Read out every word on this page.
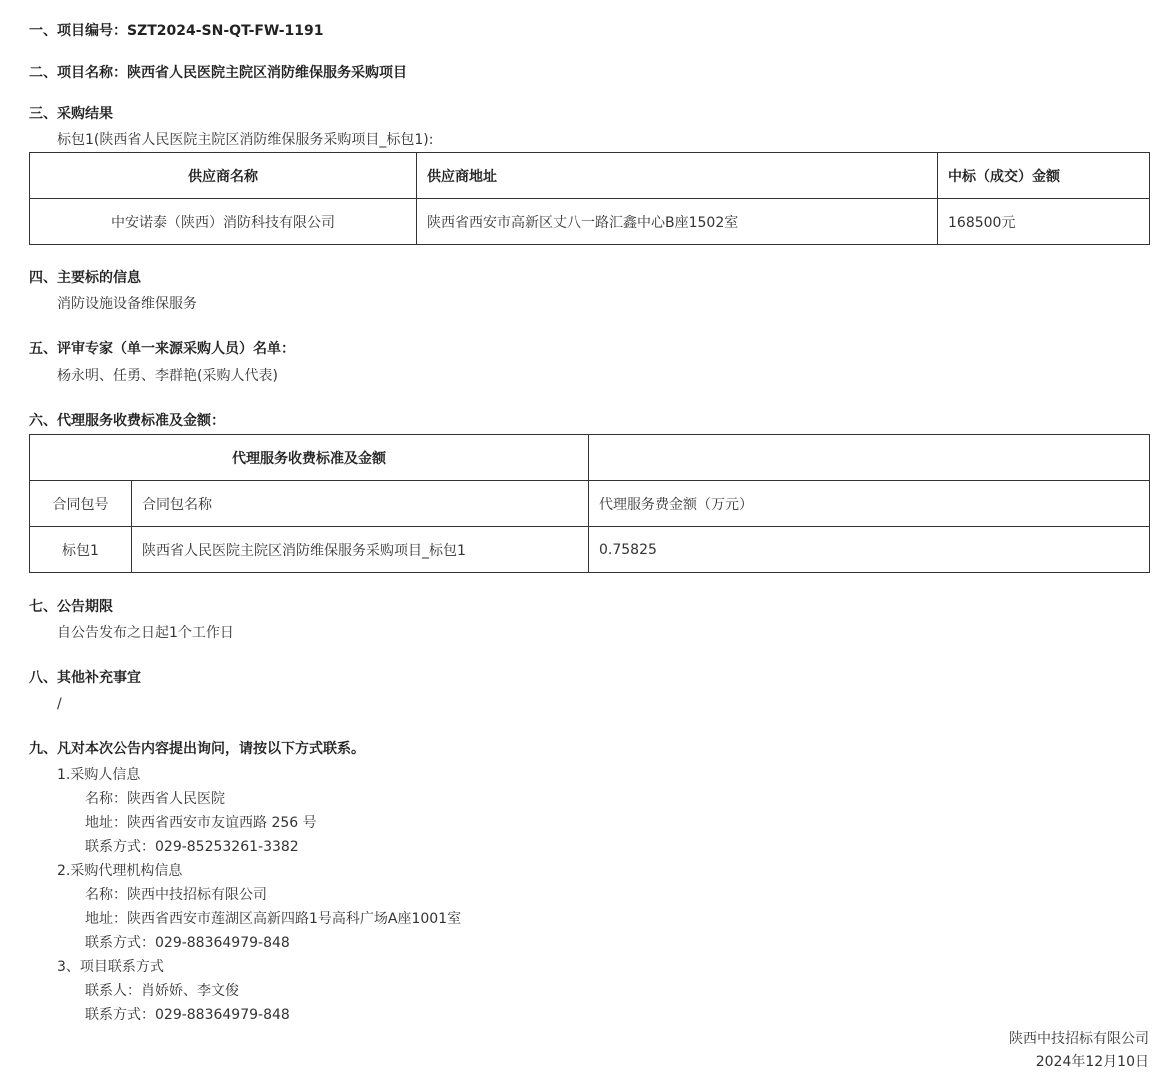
一、项目编号：SZT2024-SN-QT-FW-1191
二、项目名称：陕西省人民医院主院区消防维保服务采购项目
三、采购结果
标包1(陕西省人民医院主院区消防维保服务采购项目_标包1):
供应商名称	供应商地址	中标（成交）金额
中安诺泰（陕西）消防科技有限公司	陕西省西安市高新区丈八一路汇鑫中心B座1502室	168500元
四、主要标的信息
消防设施设备维保服务
五、评审专家（单一来源采购人员）名单：
杨永明、任勇、李群艳(采购人代表)
六、代理服务收费标准及金额：
代理服务收费标准及金额		
合同包号	合同包名称	代理服务费金额（万元）
标包1	陕西省人民医院主院区消防维保服务采购项目_标包1	0.75825
七、公告期限
自公告发布之日起1个工作日
八、其他补充事宜
/
九、凡对本次公告内容提出询问，请按以下方式联系。
1.采购人信息
名称：陕西省人民医院
地址：陕西省西安市友谊西路 256 号
联系方式：029-85253261-3382
2.采购代理机构信息
名称：陕西中技招标有限公司
地址：陕西省西安市莲湖区高新四路1号高科广场A座1001室
联系方式：029-88364979-848
3、项目联系方式
联系人：肖娇娇、李文俊
联系方式：029-88364979-848
陕西中技招标有限公司
2024年12月10日
